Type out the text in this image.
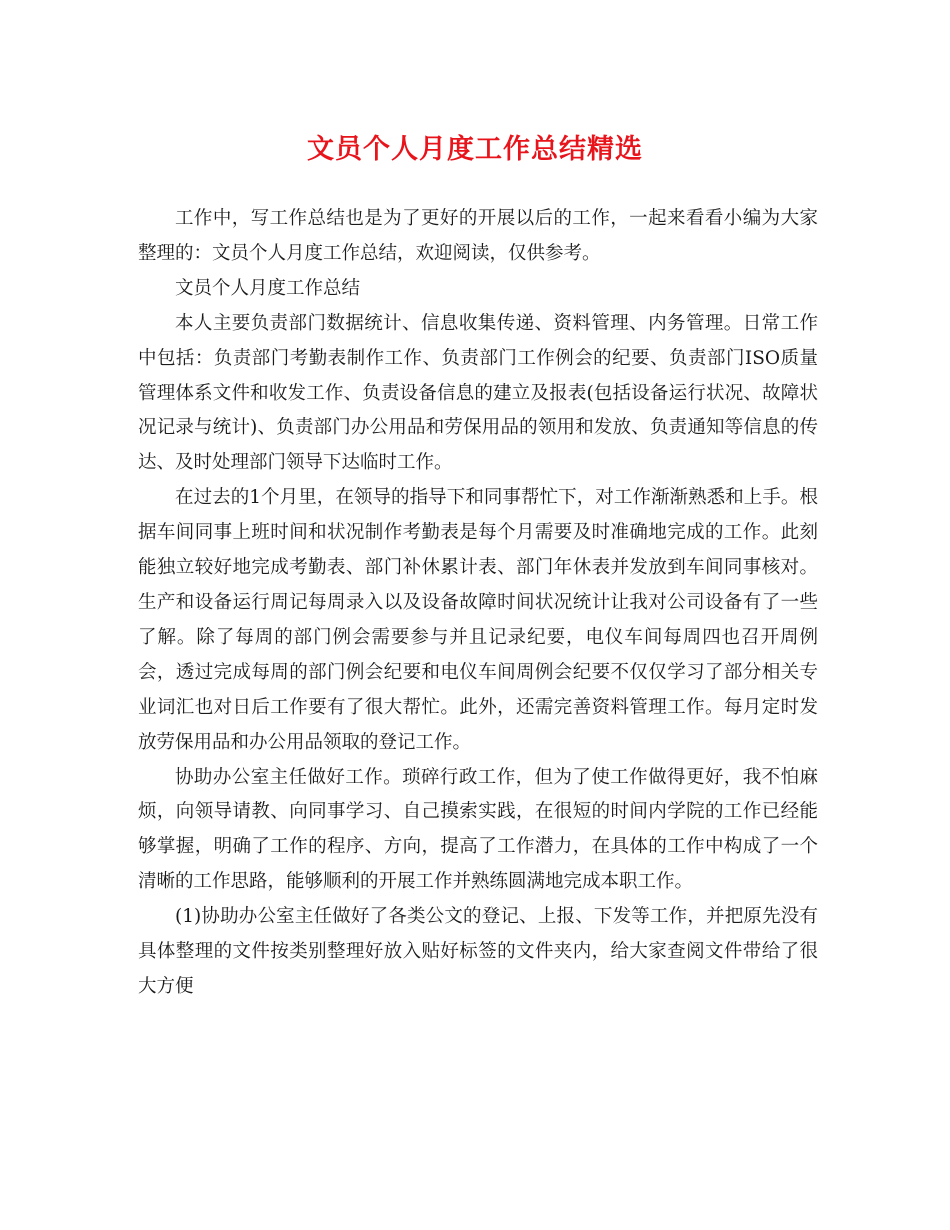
文员个人月度工作总结精选

工作中，写工作总结也是为了更好的开展以后的工作，一起来看看小编为大家整理的：文员个人月度工作总结，欢迎阅读，仅供参考。

文员个人月度工作总结

本人主要负责部门数据统计、信息收集传递、资料管理、内务管理。日常工作中包括：负责部门考勤表制作工作、负责部门工作例会的纪要、负责部门ISO质量管理体系文件和收发工作、负责设备信息的建立及报表(包括设备运行状况、故障状况记录与统计)、负责部门办公用品和劳保用品的领用和发放、负责通知等信息的传达、及时处理部门领导下达临时工作。

在过去的1个月里，在领导的指导下和同事帮忙下，对工作渐渐熟悉和上手。根据车间同事上班时间和状况制作考勤表是每个月需要及时准确地完成的工作。此刻能独立较好地完成考勤表、部门补休累计表、部门年休表并发放到车间同事核对。生产和设备运行周记每周录入以及设备故障时间状况统计让我对公司设备有了一些了解。除了每周的部门例会需要参与并且记录纪要，电仪车间每周四也召开周例会，透过完成每周的部门例会纪要和电仪车间周例会纪要不仅仅学习了部分相关专业词汇也对日后工作要有了很大帮忙。此外，还需完善资料管理工作。每月定时发放劳保用品和办公用品领取的登记工作。

协助办公室主任做好工作。琐碎行政工作，但为了使工作做得更好，我不怕麻烦，向领导请教、向同事学习、自己摸索实践，在很短的时间内学院的工作已经能够掌握，明确了工作的程序、方向，提高了工作潜力，在具体的工作中构成了一个清晰的工作思路，能够顺利的开展工作并熟练圆满地完成本职工作。

(1)协助办公室主任做好了各类公文的登记、上报、下发等工作，并把原先没有具体整理的文件按类别整理好放入贴好标签的文件夹内，给大家查阅文件带给了很大方便
